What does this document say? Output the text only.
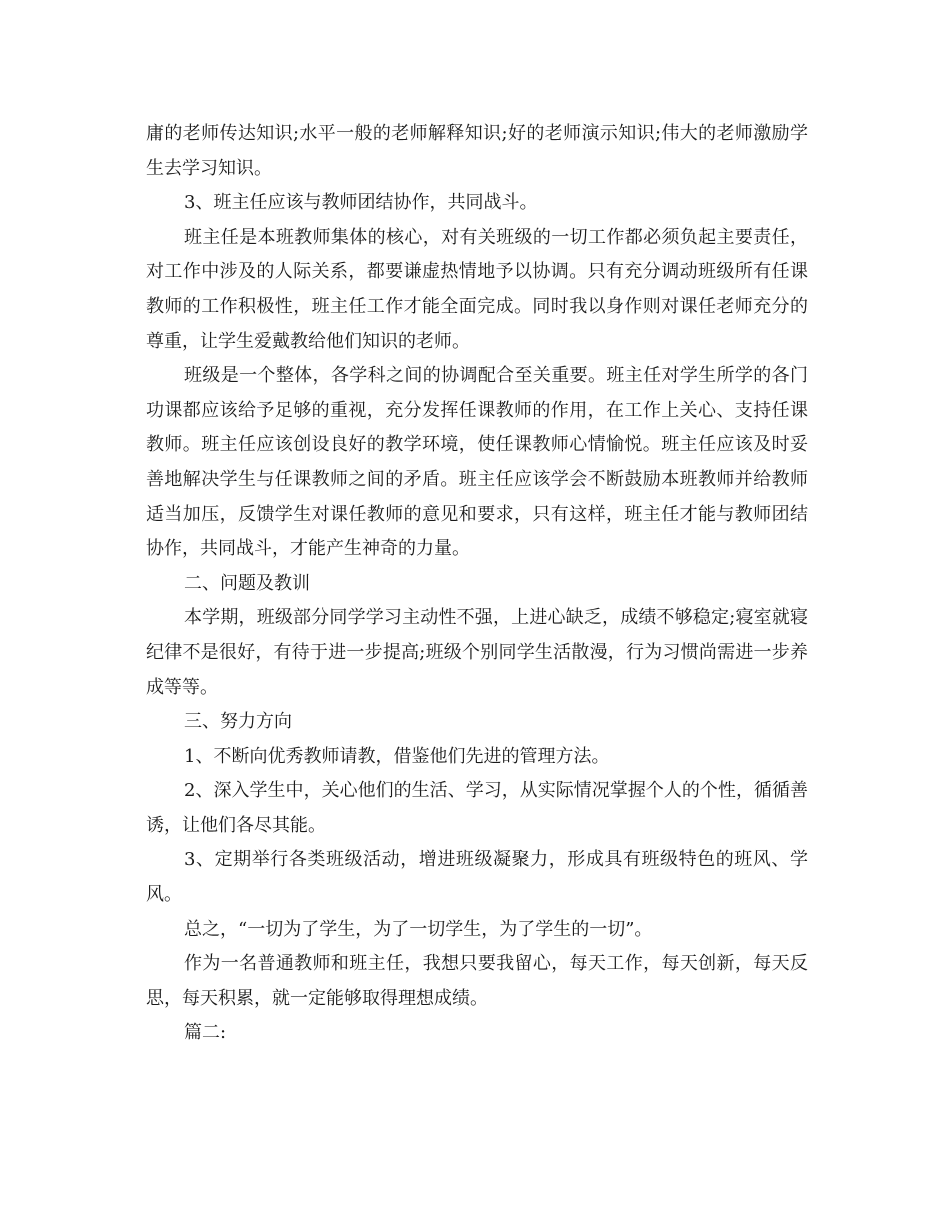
庸的老师传达知识;水平一般的老师解释知识;好的老师演示知识;伟大的老师激励学生去学习知识。

3、班主任应该与教师团结协作，共同战斗。

班主任是本班教师集体的核心，对有关班级的一切工作都必须负起主要责任，对工作中涉及的人际关系，都要谦虚热情地予以协调。只有充分调动班级所有任课教师的工作积极性，班主任工作才能全面完成。同时我以身作则对课任老师充分的尊重，让学生爱戴教给他们知识的老师。

班级是一个整体，各学科之间的协调配合至关重要。班主任对学生所学的各门功课都应该给予足够的重视，充分发挥任课教师的作用，在工作上关心、支持任课教师。班主任应该创设良好的教学环境，使任课教师心情愉悦。班主任应该及时妥善地解决学生与任课教师之间的矛盾。班主任应该学会不断鼓励本班教师并给教师适当加压，反馈学生对课任教师的意见和要求，只有这样，班主任才能与教师团结协作，共同战斗，才能产生神奇的力量。

二、问题及教训

本学期，班级部分同学学习主动性不强，上进心缺乏，成绩不够稳定;寝室就寝纪律不是很好，有待于进一步提高;班级个别同学生活散漫，行为习惯尚需进一步养成等等。

三、努力方向

1、不断向优秀教师请教，借鉴他们先进的管理方法。

2、深入学生中，关心他们的生活、学习，从实际情况掌握个人的个性，循循善诱，让他们各尽其能。

3、定期举行各类班级活动，增进班级凝聚力，形成具有班级特色的班风、学风。

总之，“一切为了学生，为了一切学生，为了学生的一切”。

作为一名普通教师和班主任，我想只要我留心，每天工作，每天创新，每天反思，每天积累，就一定能够取得理想成绩。

篇二:
